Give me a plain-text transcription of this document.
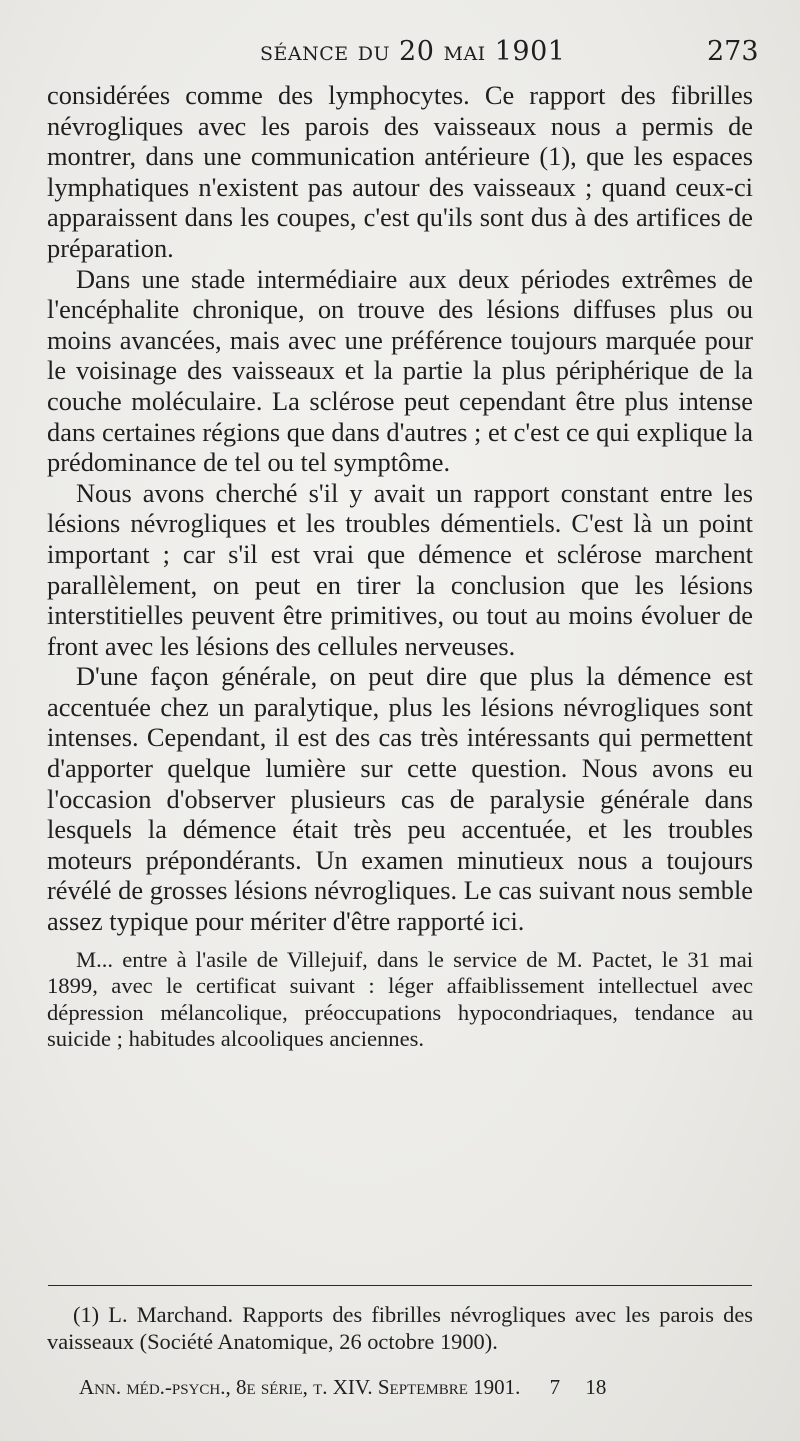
séance du 20 mai 1901	273

considérées comme des lymphocytes. Ce rapport des fibrilles névrogliques avec les parois des vaisseaux nous a permis de montrer, dans une communication antérieure (1), que les espaces lymphatiques n'existent pas autour des vaisseaux ; quand ceux-ci apparaissent dans les coupes, c'est qu'ils sont dus à des artifices de préparation.

Dans une stade intermédiaire aux deux périodes extrêmes de l'encéphalite chronique, on trouve des lésions diffuses plus ou moins avancées, mais avec une préférence toujours marquée pour le voisinage des vaisseaux et la partie la plus périphérique de la couche moléculaire. La sclérose peut cependant être plus intense dans certaines régions que dans d'autres ; et c'est ce qui explique la prédominance de tel ou tel symptôme.

Nous avons cherché s'il y avait un rapport constant entre les lésions névrogliques et les troubles démentiels. C'est là un point important ; car s'il est vrai que démence et sclérose marchent parallèlement, on peut en tirer la conclusion que les lésions interstitielles peuvent être primitives, ou tout au moins évoluer de front avec les lésions des cellules nerveuses.

D'une façon générale, on peut dire que plus la démence est accentuée chez un paralytique, plus les lésions névrogliques sont intenses. Cependant, il est des cas très intéressants qui permettent d'apporter quelque lumière sur cette question. Nous avons eu l'occasion d'observer plusieurs cas de paralysie générale dans lesquels la démence était très peu accentuée, et les troubles moteurs prépondérants. Un examen minutieux nous a toujours révélé de grosses lésions névrogliques. Le cas suivant nous semble assez typique pour mériter d'être rapporté ici.

M... entre à l'asile de Villejuif, dans le service de M. Pactet, le 31 mai 1899, avec le certificat suivant : léger affaiblissement intellectuel avec dépression mélancolique, préoccupations hypocondriaques, tendance au suicide ; habitudes alcooliques anciennes.

(1) L. Marchand. Rapports des fibrilles névrogliques avec les parois des vaisseaux (Société Anatomique, 26 octobre 1900).

Ann. méd.-psych., 8e série, t. XIV. Septembre 1901. 7 18
